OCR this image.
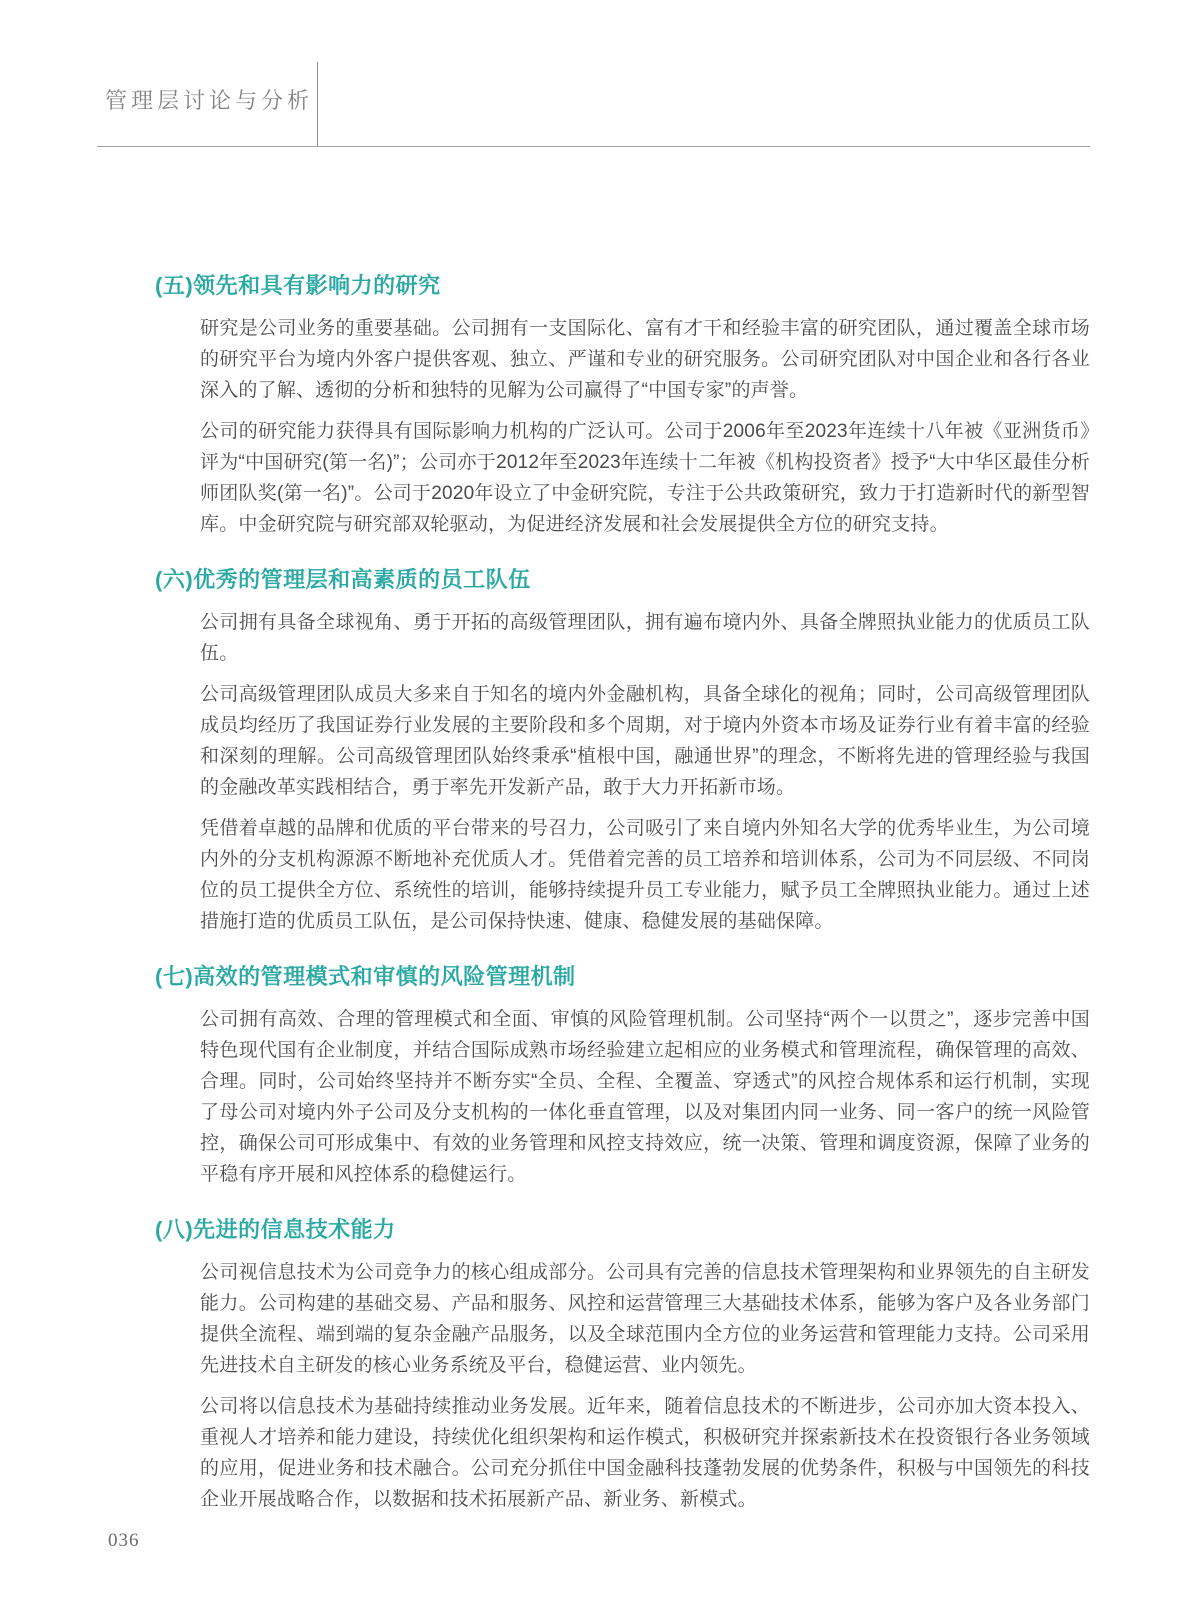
管理层讨论与分析
(五)领先和具有影响力的研究

研究是公司业务的重要基础。公司拥有一支国际化、富有才干和经验丰富的研究团队，通过覆盖全球市场的研究平台为境内外客户提供客观、独立、严谨和专业的研究服务。公司研究团队对中国企业和各行各业深入的了解、透彻的分析和独特的见解为公司赢得了“中国专家”的声誉。

公司的研究能力获得具有国际影响力机构的广泛认可。公司于2006年至2023年连续十八年被《亚洲货币》评为“中国研究(第一名)”；公司亦于2012年至2023年连续十二年被《机构投资者》授予“大中华区最佳分析师团队奖(第一名)”。公司于2020年设立了中金研究院，专注于公共政策研究，致力于打造新时代的新型智库。中金研究院与研究部双轮驱动，为促进经济发展和社会发展提供全方位的研究支持。

(六)优秀的管理层和高素质的员工队伍

公司拥有具备全球视角、勇于开拓的高级管理团队，拥有遍布境内外、具备全牌照执业能力的优质员工队伍。

公司高级管理团队成员大多来自于知名的境内外金融机构，具备全球化的视角；同时，公司高级管理团队成员均经历了我国证券行业发展的主要阶段和多个周期，对于境内外资本市场及证券行业有着丰富的经验和深刻的理解。公司高级管理团队始终秉承“植根中国，融通世界”的理念，不断将先进的管理经验与我国的金融改革实践相结合，勇于率先开发新产品，敢于大力开拓新市场。

凭借着卓越的品牌和优质的平台带来的号召力，公司吸引了来自境内外知名大学的优秀毕业生，为公司境内外的分支机构源源不断地补充优质人才。凭借着完善的员工培养和培训体系，公司为不同层级、不同岗位的员工提供全方位、系统性的培训，能够持续提升员工专业能力，赋予员工全牌照执业能力。通过上述措施打造的优质员工队伍，是公司保持快速、健康、稳健发展的基础保障。

(七)高效的管理模式和审慎的风险管理机制

公司拥有高效、合理的管理模式和全面、审慎的风险管理机制。公司坚持“两个一以贯之”，逐步完善中国特色现代国有企业制度，并结合国际成熟市场经验建立起相应的业务模式和管理流程，确保管理的高效、合理。同时，公司始终坚持并不断夯实“全员、全程、全覆盖、穿透式”的风控合规体系和运行机制，实现了母公司对境内外子公司及分支机构的一体化垂直管理，以及对集团内同一业务、同一客户的统一风险管控，确保公司可形成集中、有效的业务管理和风控支持效应，统一决策、管理和调度资源，保障了业务的平稳有序开展和风控体系的稳健运行。

(八)先进的信息技术能力

公司视信息技术为公司竞争力的核心组成部分。公司具有完善的信息技术管理架构和业界领先的自主研发能力。公司构建的基础交易、产品和服务、风控和运营管理三大基础技术体系，能够为客户及各业务部门提供全流程、端到端的复杂金融产品服务，以及全球范围内全方位的业务运营和管理能力支持。公司采用先进技术自主研发的核心业务系统及平台，稳健运营、业内领先。

公司将以信息技术为基础持续推动业务发展。近年来，随着信息技术的不断进步，公司亦加大资本投入、重视人才培养和能力建设，持续优化组织架构和运作模式，积极研究并探索新技术在投资银行各业务领域的应用，促进业务和技术融合。公司充分抓住中国金融科技蓬勃发展的优势条件，积极与中国领先的科技企业开展战略合作，以数据和技术拓展新产品、新业务、新模式。

036
